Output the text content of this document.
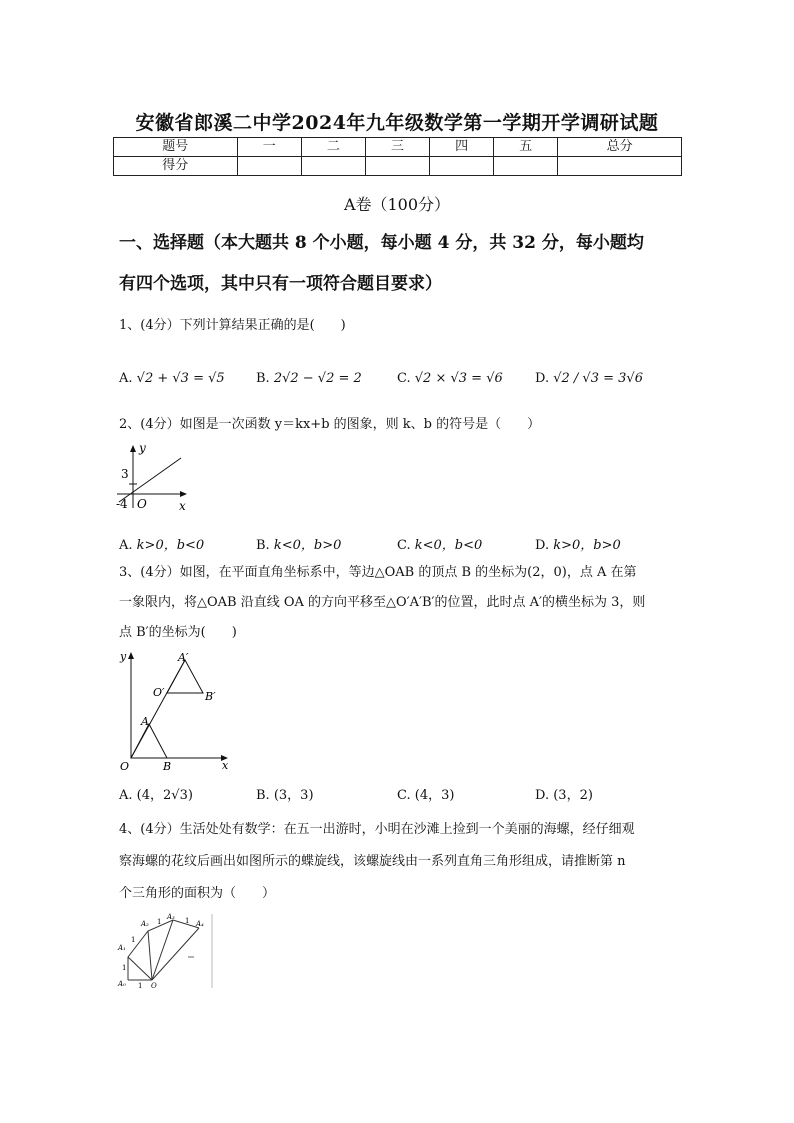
安徽省郎溪二中学2024年九年级数学第一学期开学调研试题
题号	一	二	三	四	五	总分
得分						
A卷（100分）
一、选择题（本大题共 8 个小题，每小题 4 分，共 32 分，每小题均
有四个选项，其中只有一项符合题目要求）
1、(4分）下列计算结果正确的是(　　)
A. √2 + √3 = √5 B. 2√2 − √2 = 2	C. √2 × √3 = √6 D. √2 / √3 = 3√6
2、(4分）如图是一次函数 y＝kx+b 的图象，则 k、b 的符号是（　　）
y
3
-4 O	x
A. k>0，b<0	B. k<0，b>0	C. k<0，b<0	D. k>0，b>0
3、(4分）如图，在平面直角坐标系中，等边△OAB 的顶点 B 的坐标为(2，0)，点 A 在第
一象限内，将△OAB 沿直线 OA 的方向平移至△O′A′B′的位置，此时点 A′的横坐标为 3，则
点 B′的坐标为(　　)
y
x
O	B
A
O′	B′
A′
A. (4，2√3)	B. (3，3)	C. (4，3)	D. (3，2)
4、(4分）生活处处有数学：在五一出游时，小明在沙滩上捡到一个美丽的海螺，经仔细观
察海螺的花纹后画出如图所示的蝶旋线，该螺旋线由一系列直角三角形组成，请推断第 n
个三角形的面积为（　　）
A₀
A₁
A₂
A₃
A₄
O
1
1
1
1	1
